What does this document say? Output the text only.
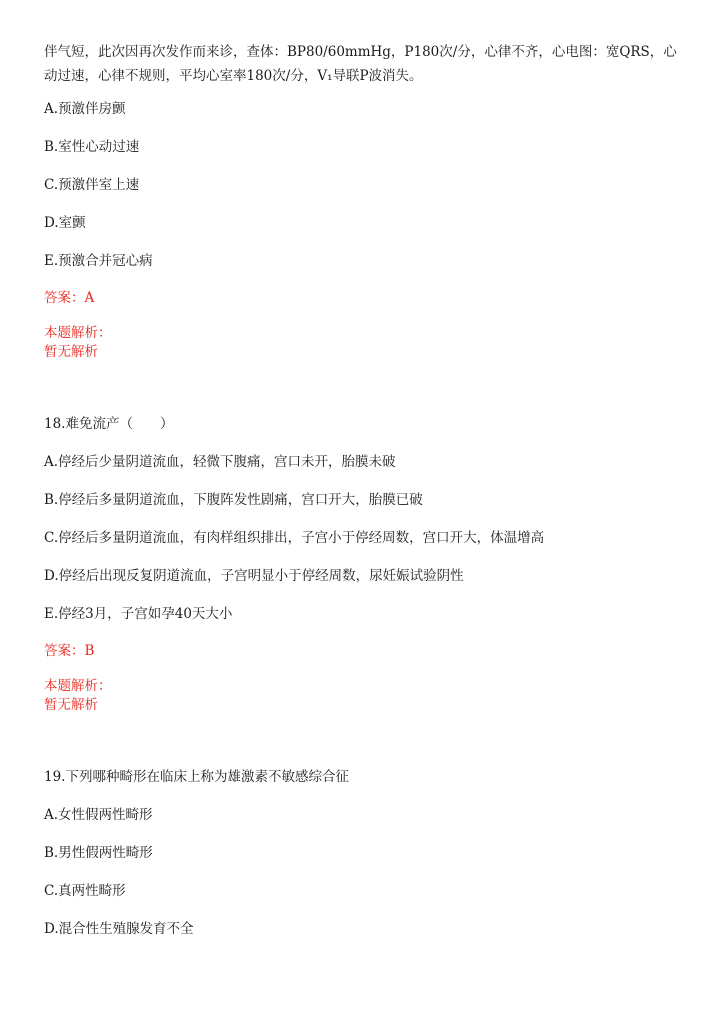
伴气短，此次因再次发作而来诊，查体：BP80/60mmHg，P180次/分，心律不齐，心电图：宽QRS，心动过速，心律不规则，平均心室率180次/分，V₁导联P波消失。

A.预激伴房颤

B.室性心动过速

C.预激伴室上速

D.室颤

E.预激合并冠心病

答案：A

本题解析：

暂无解析

18.难免流产（　　）

A.停经后少量阴道流血，轻微下腹痛，宫口未开，胎膜未破

B.停经后多量阴道流血，下腹阵发性剧痛，宫口开大，胎膜已破

C.停经后多量阴道流血，有肉样组织排出，子宫小于停经周数，宫口开大，体温增高

D.停经后出现反复阴道流血，子宫明显小于停经周数，尿妊娠试验阴性

E.停经3月，子宫如孕40天大小

答案：B

本题解析：

暂无解析

19.下列哪种畸形在临床上称为雄激素不敏感综合征

A.女性假两性畸形

B.男性假两性畸形

C.真两性畸形

D.混合性生殖腺发育不全
